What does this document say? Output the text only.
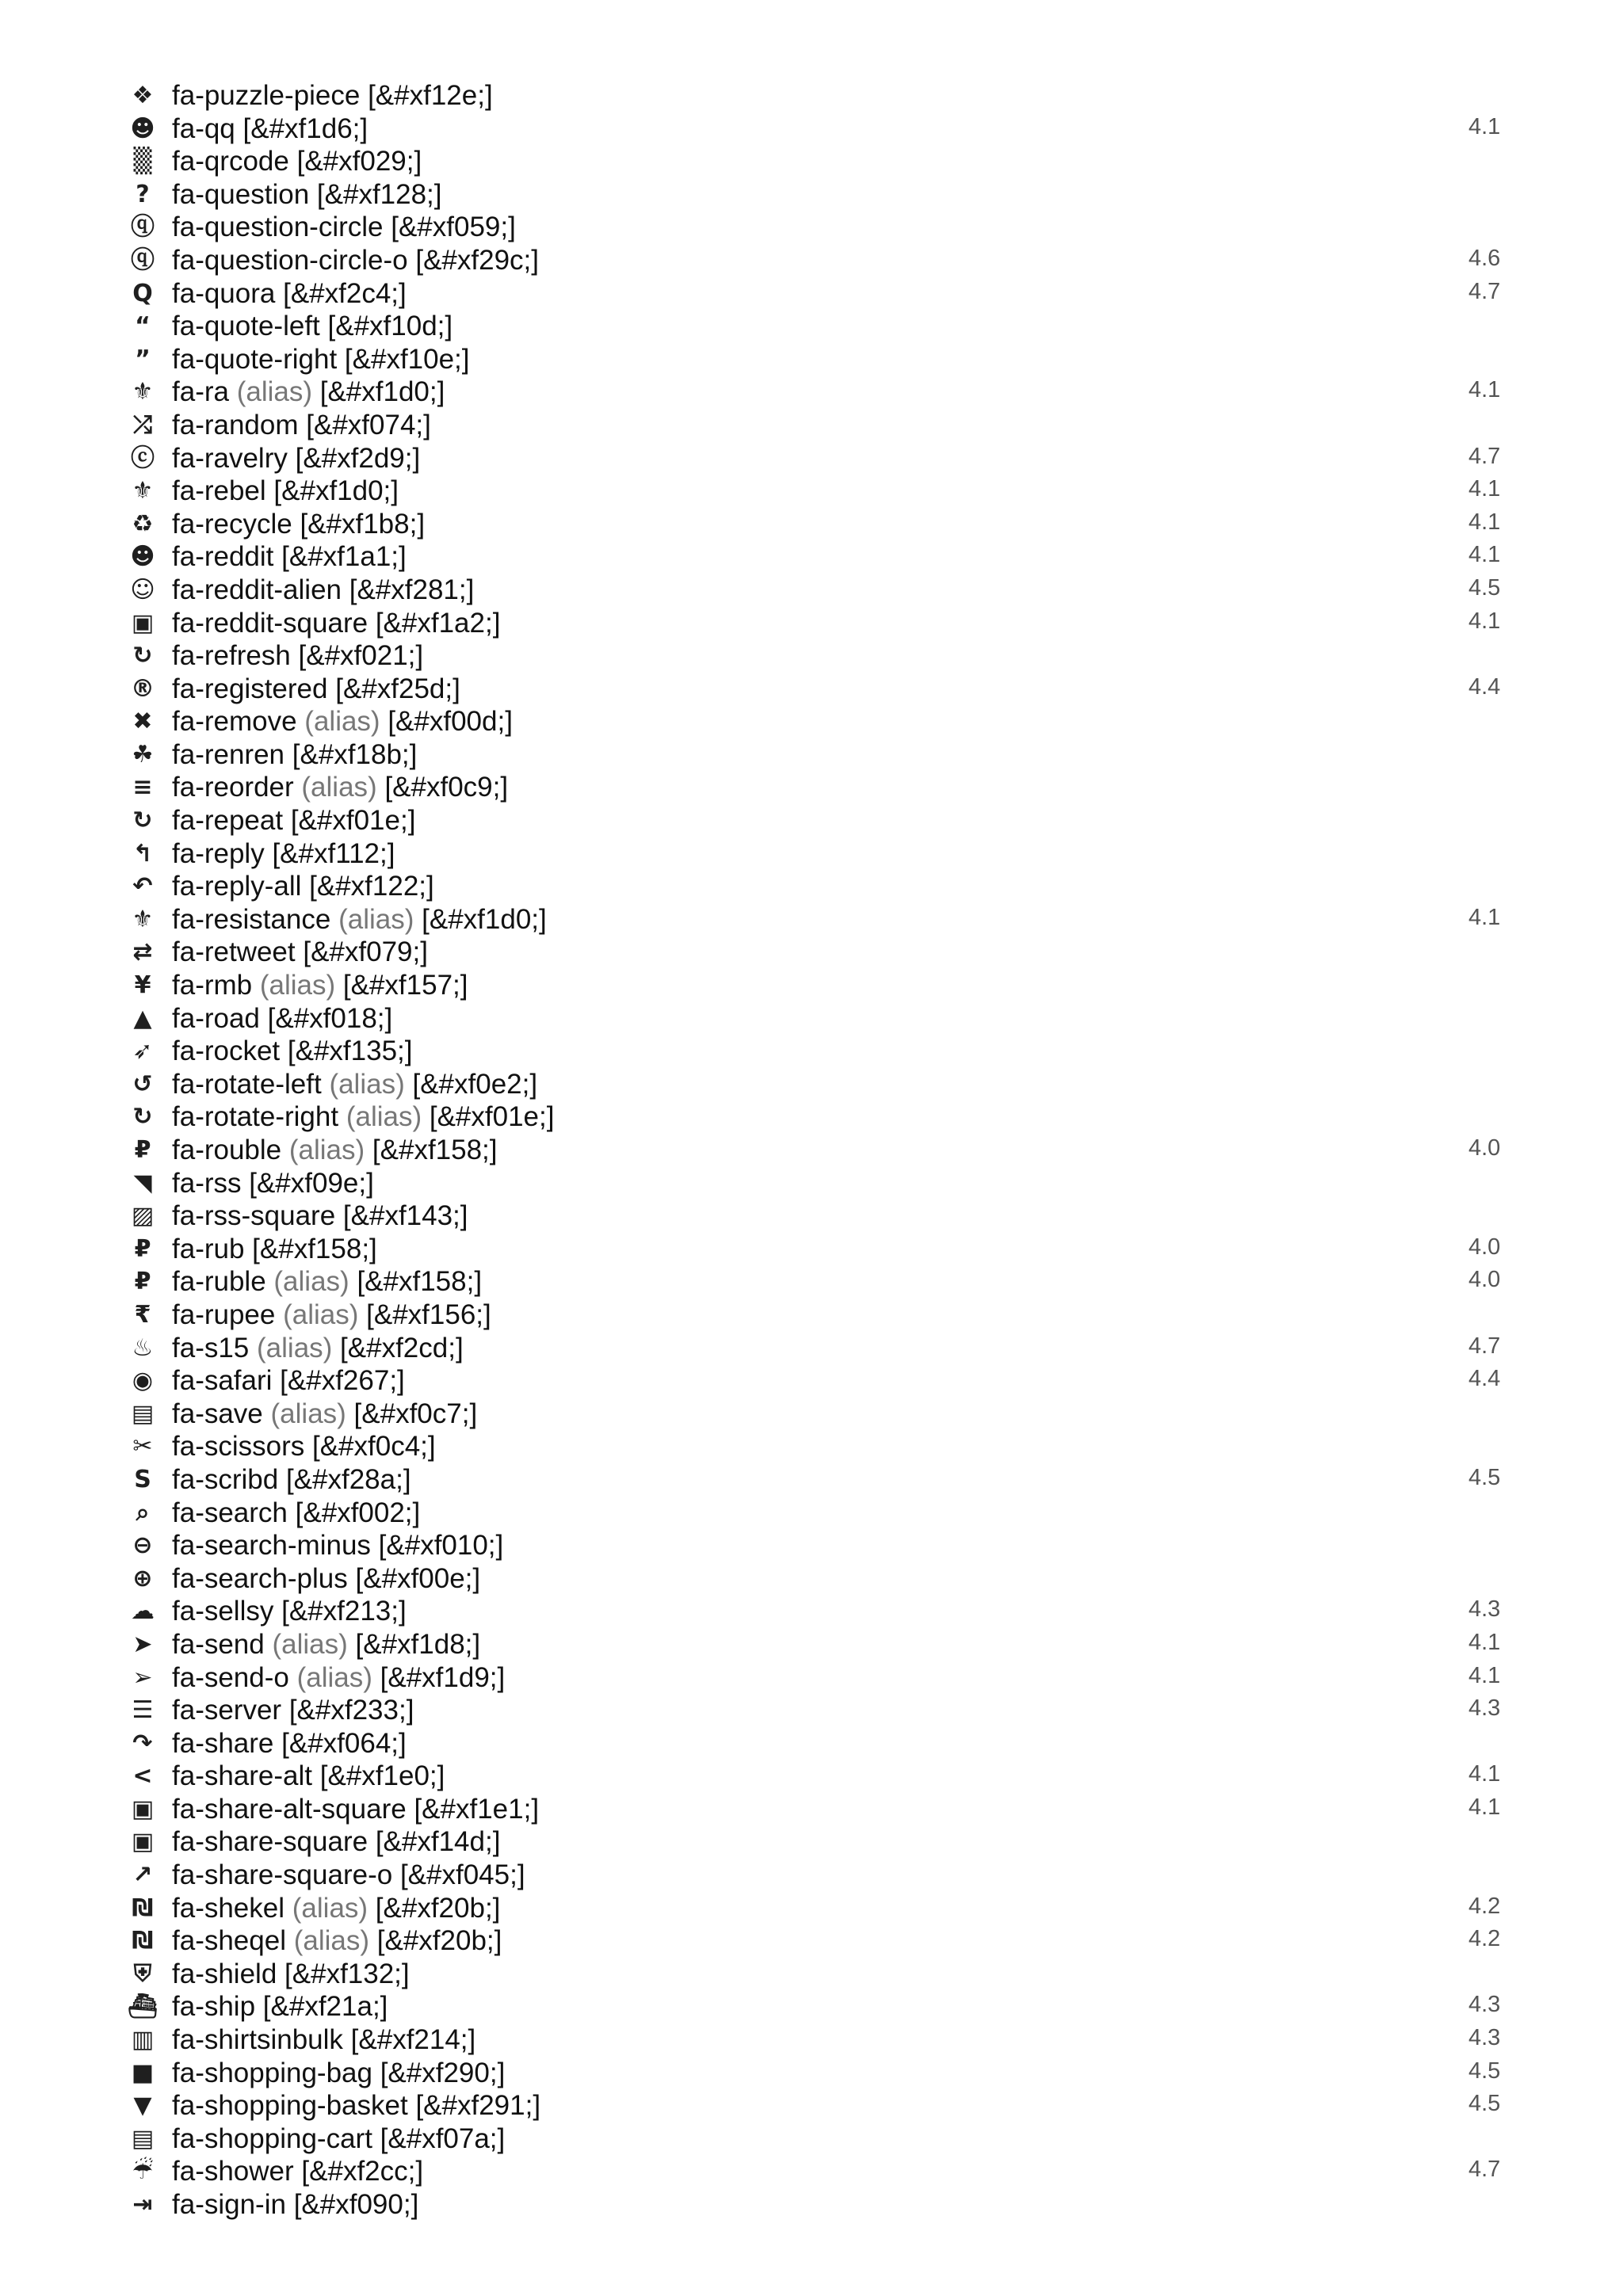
❖ fa-puzzle-piece [&#xf12e;]
☻ fa-qq [&#xf1d6;]	4.1
▒ fa-qrcode [&#xf029;]
? fa-question [&#xf128;]
ⓠ fa-question-circle [&#xf059;]
ⓠ fa-question-circle-o [&#xf29c;]	4.6
Q fa-quora [&#xf2c4;]	4.7
“ fa-quote-left [&#xf10d;]
” fa-quote-right [&#xf10e;]
⚜ fa-ra (alias) [&#xf1d0;]	4.1
⤮ fa-random [&#xf074;]
ⓒ fa-ravelry [&#xf2d9;]	4.7
⚜ fa-rebel [&#xf1d0;]	4.1
♻ fa-recycle [&#xf1b8;]	4.1
☻ fa-reddit [&#xf1a1;]	4.1
☺ fa-reddit-alien [&#xf281;]	4.5
▣ fa-reddit-square [&#xf1a2;]	4.1
↻ fa-refresh [&#xf021;]
® fa-registered [&#xf25d;]	4.4
✖ fa-remove (alias) [&#xf00d;]
☘ fa-renren [&#xf18b;]
≡ fa-reorder (alias) [&#xf0c9;]
↻ fa-repeat [&#xf01e;]
↰ fa-reply [&#xf112;]
↶ fa-reply-all [&#xf122;]
⚜ fa-resistance (alias) [&#xf1d0;]	4.1
⇄ fa-retweet [&#xf079;]
¥ fa-rmb (alias) [&#xf157;]
▲ fa-road [&#xf018;]
➶ fa-rocket [&#xf135;]
↺ fa-rotate-left (alias) [&#xf0e2;]
↻ fa-rotate-right (alias) [&#xf01e;]
₽ fa-rouble (alias) [&#xf158;]	4.0
◥ fa-rss [&#xf09e;]
▨ fa-rss-square [&#xf143;]
₽ fa-rub [&#xf158;]	4.0
₽ fa-ruble (alias) [&#xf158;]	4.0
₹ fa-rupee (alias) [&#xf156;]
♨ fa-s15 (alias) [&#xf2cd;]	4.7
◉ fa-safari [&#xf267;]	4.4
▤ fa-save (alias) [&#xf0c7;]
✂ fa-scissors [&#xf0c4;]
S fa-scribd [&#xf28a;]	4.5
⌕ fa-search [&#xf002;]
⊖ fa-search-minus [&#xf010;]
⊕ fa-search-plus [&#xf00e;]
☁ fa-sellsy [&#xf213;]	4.3
➤ fa-send (alias) [&#xf1d8;]	4.1
➢ fa-send-o (alias) [&#xf1d9;]	4.1
☰ fa-server [&#xf233;]	4.3
↷ fa-share [&#xf064;]
< fa-share-alt [&#xf1e0;]	4.1
▣ fa-share-alt-square [&#xf1e1;]	4.1
▣ fa-share-square [&#xf14d;]
↗ fa-share-square-o [&#xf045;]
₪ fa-shekel (alias) [&#xf20b;]	4.2
₪ fa-sheqel (alias) [&#xf20b;]	4.2
⛨ fa-shield [&#xf132;]
⛴ fa-ship [&#xf21a;]	4.3
▥ fa-shirtsinbulk [&#xf214;]	4.3
■ fa-shopping-bag [&#xf290;]	4.5
▼ fa-shopping-basket [&#xf291;]	4.5
▤ fa-shopping-cart [&#xf07a;]
☔ fa-shower [&#xf2cc;]	4.7
⇥ fa-sign-in [&#xf090;]
